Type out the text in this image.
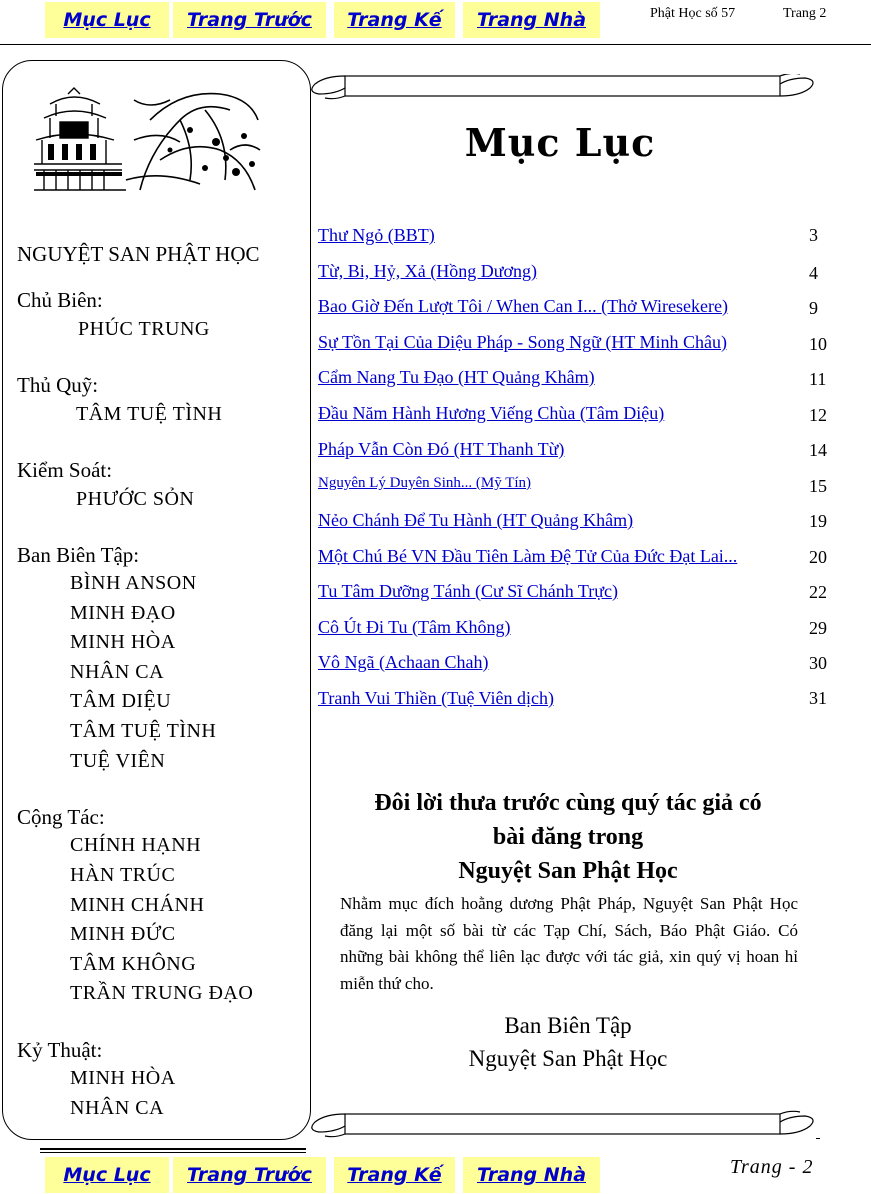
Mục Lục	Trang Trước	Trang Kế	Trang Nhà	Phật Học số 57	Trang 2
NGUYỆT SAN PHẬT HỌC
Chủ Biên:
PHÚC TRUNG
Thủ Quỹ:
TÂM TUỆ TÌNH
Kiểm Soát:
PHƯỚC SỎN
Ban Biên Tập:
BÌNH ANSON
MINH ĐẠO
MINH HÒA
NHÂN CA
TÂM DIỆU
TÂM TUỆ TÌNH
TUỆ VIÊN
Cộng Tác:
CHÍNH HẠNH
HÀN TRÚC
MINH CHÁNH
MINH ĐỨC
TÂM KHÔNG
TRẦN TRUNG ĐẠO
Kỷ Thuật:
MINH HÒA
NHÂN CA
Mục Lục
Thư Ngỏ (BBT)	3
Từ, Bi, Hỷ, Xả (Hồng Dương)	4
Bao Giờ Đến Lượt Tôi / When Can I... (Thở Wiresekere)	9
Sự Tồn Tại Của Diệu Pháp - Song Ngữ (HT Minh Châu)	10
Cẩm Nang Tu Đạo (HT Quảng Khâm)	11
Đầu Năm Hành Hương Viếng Chùa (Tâm Diệu)	12
Pháp Vẫn Còn Đó (HT Thanh Từ)	14
Nguyên Lý Duyên Sinh... (Mỹ Tín)	15
Nẻo Chánh Để Tu Hành (HT Quảng Khâm)	19
Một Chú Bé VN Đầu Tiên Làm Đệ Tử Của Đức Đạt Lai...	20
Tu Tâm Dưỡng Tánh (Cư Sĩ Chánh Trực)	22
Cô Út Đi Tu (Tâm Không)	29
Vô Ngã (Achaan Chah)	30
Tranh Vui Thiền (Tuệ Viên dịch)	31
Đôi lời thưa trước cùng quý tác giả có
bài đăng trong
Nguyệt San Phật Học
Nhằm mục đích hoằng dương Phật Pháp, Nguyệt San Phật Học đăng lại một số bài từ các Tạp Chí, Sách, Báo Phật Giáo. Có những bài không thể liên lạc được với tác giả, xin quý vị hoan hỉ miễn thứ cho.
Ban Biên Tập
Nguyệt San Phật Học
Mục Lục	Trang Trước	Trang Kế	Trang Nhà	Trang - 2
